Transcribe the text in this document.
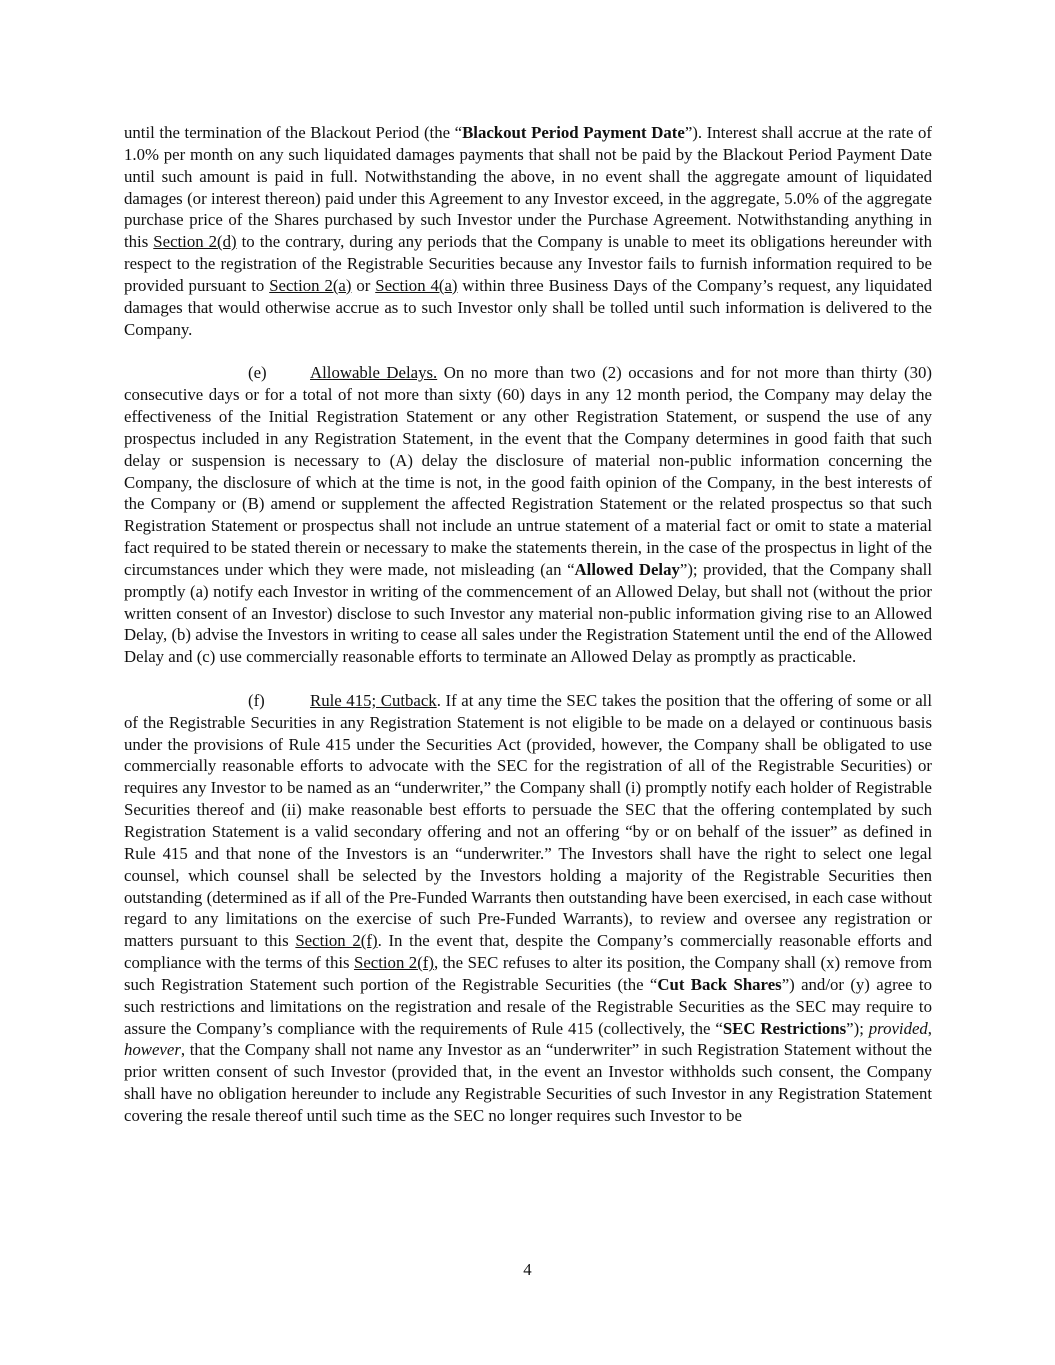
until the termination of the Blackout Period (the “Blackout Period Payment Date”). Interest shall accrue at the rate of 1.0% per month on any such liquidated damages payments that shall not be paid by the Blackout Period Payment Date until such amount is paid in full. Notwithstanding the above, in no event shall the aggregate amount of liquidated damages (or interest thereon) paid under this Agreement to any Investor exceed, in the aggregate, 5.0% of the aggregate purchase price of the Shares purchased by such Investor under the Purchase Agreement. Notwithstanding anything in this Section 2(d) to the contrary, during any periods that the Company is unable to meet its obligations hereunder with respect to the registration of the Registrable Securities because any Investor fails to furnish information required to be provided pursuant to Section 2(a) or Section 4(a) within three Business Days of the Company’s request, any liquidated damages that would otherwise accrue as to such Investor only shall be tolled until such information is delivered to the Company.

(e)	Allowable Delays. On no more than two (2) occasions and for not more than thirty (30) consecutive days or for a total of not more than sixty (60) days in any 12 month period, the Company may delay the effectiveness of the Initial Registration Statement or any other Registration Statement, or suspend the use of any prospectus included in any Registration Statement, in the event that the Company determines in good faith that such delay or suspension is necessary to (A) delay the disclosure of material non-public information concerning the Company, the disclosure of which at the time is not, in the good faith opinion of the Company, in the best interests of the Company or (B) amend or supplement the affected Registration Statement or the related prospectus so that such Registration Statement or prospectus shall not include an untrue statement of a material fact or omit to state a material fact required to be stated therein or necessary to make the statements therein, in the case of the prospectus in light of the circumstances under which they were made, not misleading (an “Allowed Delay”); provided, that the Company shall promptly (a) notify each Investor in writing of the commencement of an Allowed Delay, but shall not (without the prior written consent of an Investor) disclose to such Investor any material non-public information giving rise to an Allowed Delay, (b) advise the Investors in writing to cease all sales under the Registration Statement until the end of the Allowed Delay and (c) use commercially reasonable efforts to terminate an Allowed Delay as promptly as practicable.

(f)	Rule 415; Cutback. If at any time the SEC takes the position that the offering of some or all of the Registrable Securities in any Registration Statement is not eligible to be made on a delayed or continuous basis under the provisions of Rule 415 under the Securities Act (provided, however, the Company shall be obligated to use commercially reasonable efforts to advocate with the SEC for the registration of all of the Registrable Securities) or requires any Investor to be named as an “underwriter,” the Company shall (i) promptly notify each holder of Registrable Securities thereof and (ii) make reasonable best efforts to persuade the SEC that the offering contemplated by such Registration Statement is a valid secondary offering and not an offering “by or on behalf of the issuer” as defined in Rule 415 and that none of the Investors is an “underwriter.” The Investors shall have the right to select one legal counsel, which counsel shall be selected by the Investors holding a majority of the Registrable Securities then outstanding (determined as if all of the Pre-Funded Warrants then outstanding have been exercised, in each case without regard to any limitations on the exercise of such Pre-Funded Warrants), to review and oversee any registration or matters pursuant to this Section 2(f). In the event that, despite the Company’s commercially reasonable efforts and compliance with the terms of this Section 2(f), the SEC refuses to alter its position, the Company shall (x) remove from such Registration Statement such portion of the Registrable Securities (the “Cut Back Shares”) and/or (y) agree to such restrictions and limitations on the registration and resale of the Registrable Securities as the SEC may require to assure the Company’s compliance with the requirements of Rule 415 (collectively, the “SEC Restrictions”); provided, however, that the Company shall not name any Investor as an “underwriter” in such Registration Statement without the prior written consent of such Investor (provided that, in the event an Investor withholds such consent, the Company shall have no obligation hereunder to include any Registrable Securities of such Investor in any Registration Statement covering the resale thereof until such time as the SEC no longer requires such Investor to be

4
